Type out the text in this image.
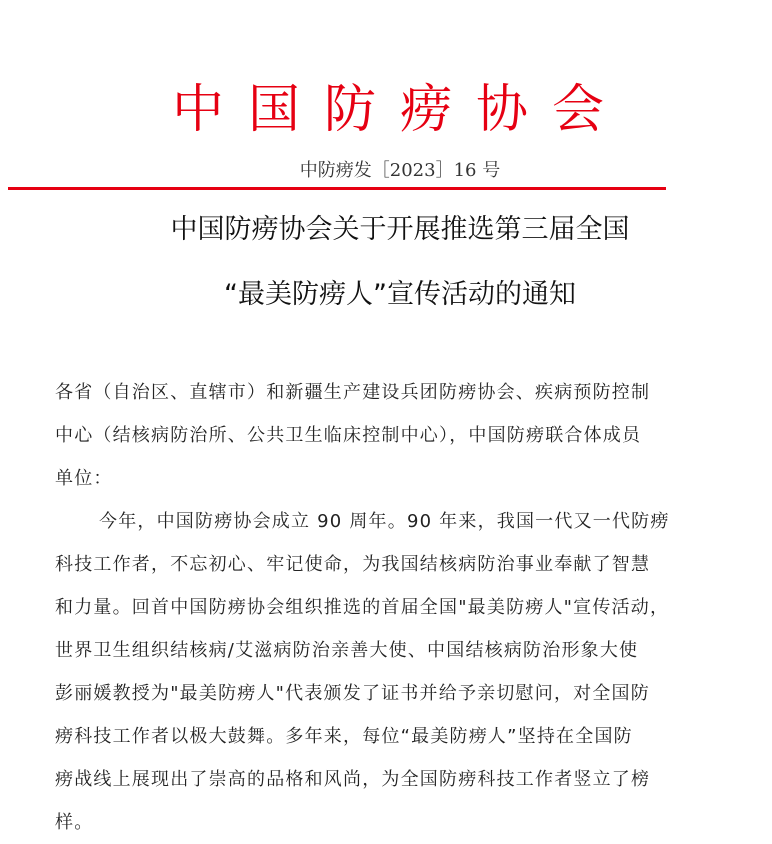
中国防痨协会
中防痨发［2023］16 号
中国防痨协会关于开展推选第三届全国
“最美防痨人”宣传活动的通知
各省（自治区、直辖市）和新疆生产建设兵团防痨协会、疾病预防控制
中心（结核病防治所、公共卫生临床控制中心），中国防痨联合体成员
单位：
今年，中国防痨协会成立 90 周年。90 年来，我国一代又一代防痨
科技工作者，不忘初心、牢记使命，为我国结核病防治事业奉献了智慧
和力量。回首中国防痨协会组织推选的首届全国"最美防痨人"宣传活动，
世界卫生组织结核病/艾滋病防治亲善大使、中国结核病防治形象大使
彭丽媛教授为"最美防痨人"代表颁发了证书并给予亲切慰问，对全国防
痨科技工作者以极大鼓舞。多年来，每位“最美防痨人”坚持在全国防
痨战线上展现出了崇高的品格和风尚，为全国防痨科技工作者竖立了榜
样。
